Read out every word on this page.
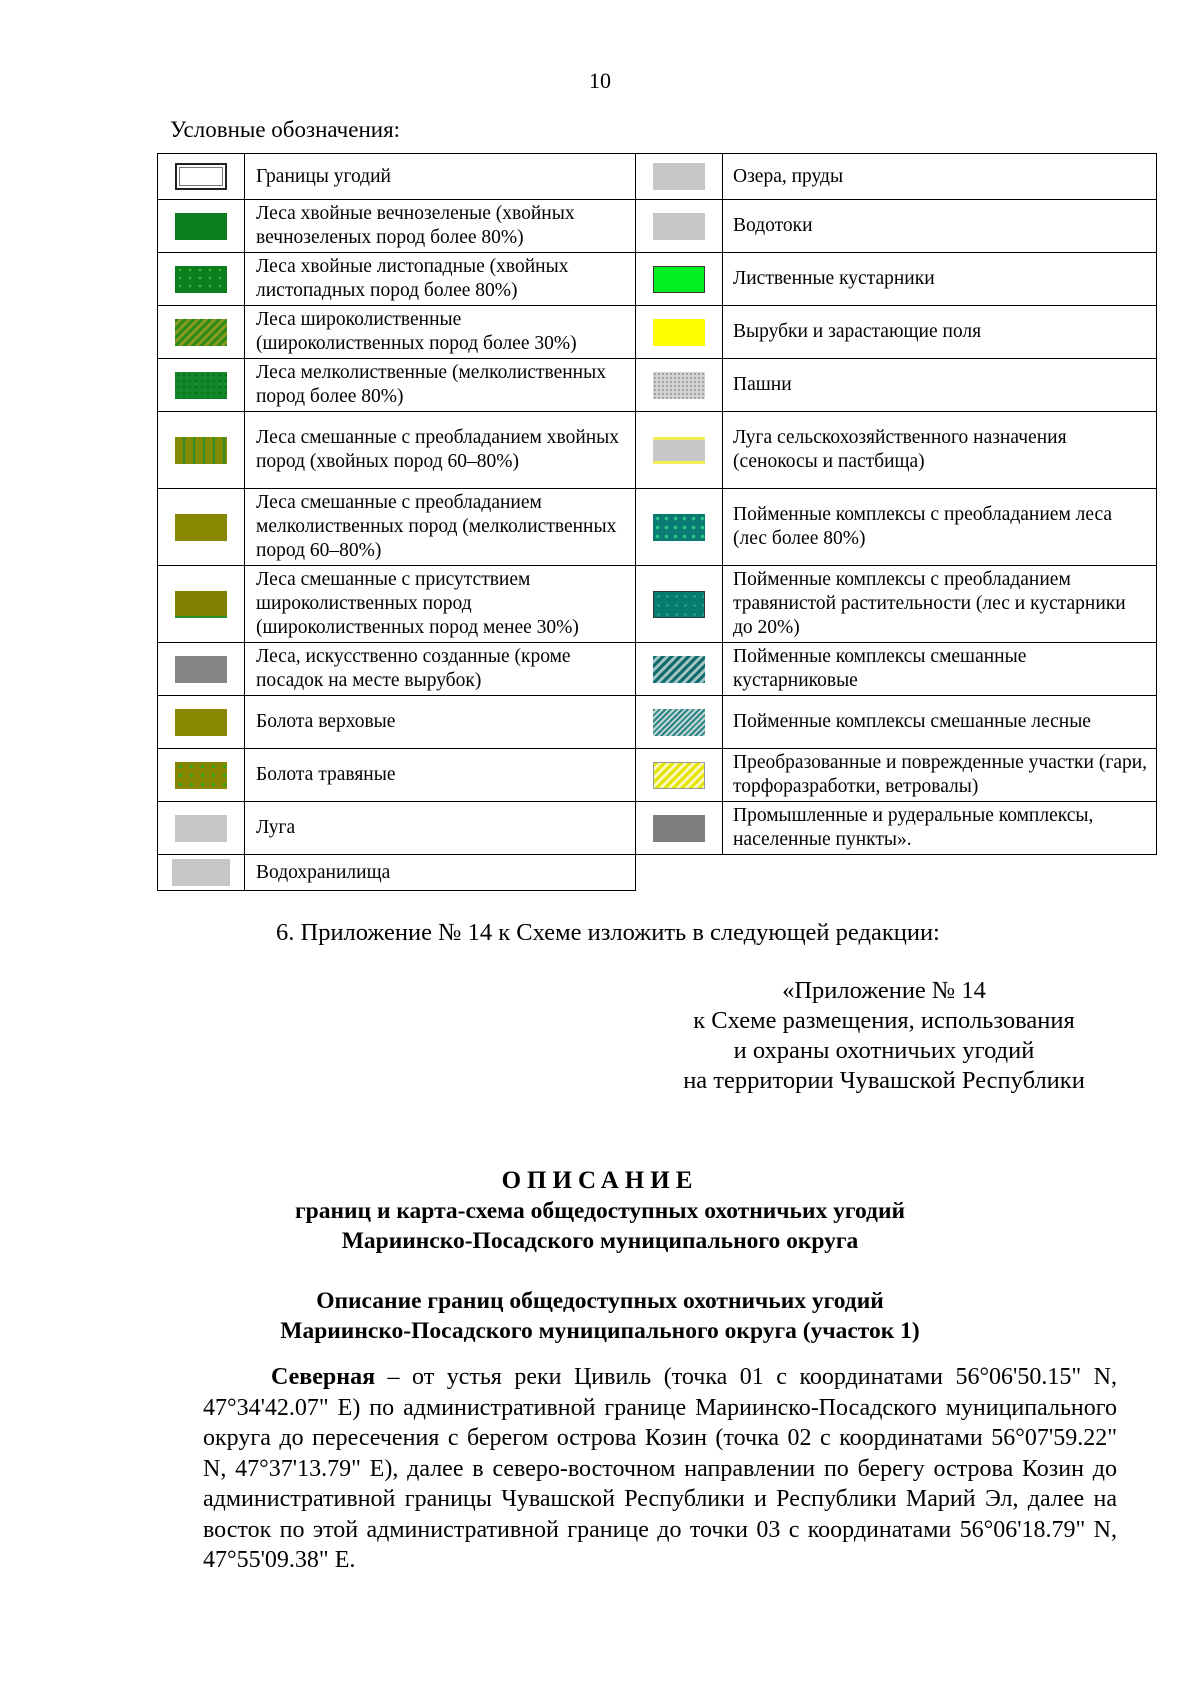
10
Условные обозначения:
	Границы угодий		Озера, пруды
	Леса хвойные вечнозеленые (хвойных вечнозеленых пород более 80%)		Водотоки
	Леса хвойные листопадные (хвойных листопадных пород более 80%)		Лиственные кустарники
	Леса широколиственные (широколиственных пород более 30%)		Вырубки и зарастающие поля
	Леса мелколиственные (мелколиственных пород более 80%)		Пашни
	Леса смешанные с преобладанием хвойных пород (хвойных пород 60–80%)		Луга сельскохозяйственного назначения (сенокосы и пастбища)
	Леса смешанные с преобладанием мелколиственных пород (мелколиственных пород 60–80%)		Пойменные комплексы с преобладанием леса (лес более 80%)
	Леса смешанные с присутствием широколиственных пород (широколиственных пород менее 30%)		Пойменные комплексы с преобладанием травянистой растительности (лес и кустарники до 20%)
	Леса, искусственно созданные (кроме посадок на месте вырубок)		Пойменные комплексы смешанные кустарниковые
	Болота верховые		Пойменные комплексы смешанные лесные
	Болота травяные		Преобразованные и поврежденные участки (гари, торфоразработки, ветровалы)
	Луга		Промышленные и рудеральные комплексы, населенные пункты».
	Водохранилища		
6. Приложение № 14 к Схеме изложить в следующей редакции:
«Приложение № 14
к Схеме размещения, использования
и охраны охотничьих угодий
на территории Чувашской Республики
ОПИСАНИЕ
границ и карта-схема общедоступных охотничьих угодий
Мариинско-Посадского муниципального округа
Описание границ общедоступных охотничьих угодий
Мариинско-Посадского муниципального округа (участок 1)
Северная – от устья реки Цивиль (точка 01 с координатами 56°06'50.15" N, 47°34'42.07" E) по административной границе Мариинско-Посадского муниципального округа до пересечения с берегом острова Козин (точка 02 с координатами 56°07'59.22" N, 47°37'13.79" E), далее в северо-восточном направлении по берегу острова Козин до административной границы Чувашской Республики и Республики Марий Эл, далее на восток по этой административной границе до точки 03 с координатами 56°06'18.79" N, 47°55'09.38" E.
